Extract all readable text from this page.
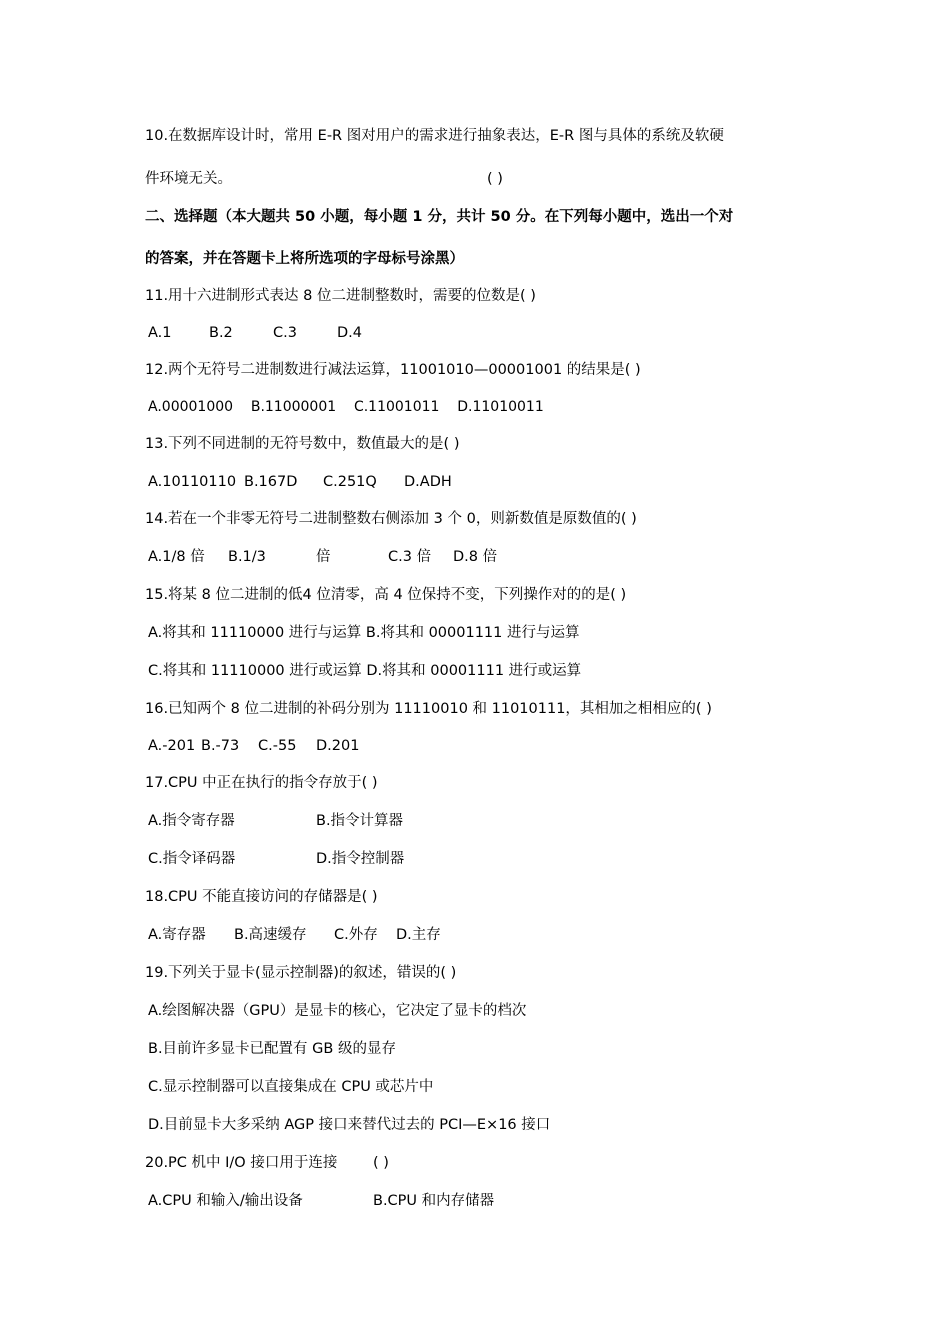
10.在数据库设计时，常用 E-R 图对用户的需求进行抽象表达，E-R 图与具体的系统及软硬
件环境无关。	( )
二、选择题（本大题共 50 小题，每小题 1 分，共计 50 分。在下列每小题中，选出一个对
的答案，并在答题卡上将所选项的字母标号涂黑）
11.用十六进制形式表达 8 位二进制整数时，需要的位数是( )
A.1	B.2	C.3	D.4
12.两个无符号二进制数进行减法运算，11001010—00001001 的结果是( )
A.00001000    B.11000001    C.11001011    D.11010011
13.下列不同进制的无符号数中，数值最大的是( )
A.10110110 B.167D C.251Q D.ADH
14.若在一个非零无符号二进制整数右侧添加 3 个 0，则新数值是原数值的( )
A.1/8 倍 B.1/3	倍	C.3 倍 D.8 倍
15.将某 8 位二进制的低4 位清零，高 4 位保持不变，下列操作对的的是( )
A.将其和 11110000 进行与运算 B.将其和 00001111 进行与运算
C.将其和 11110000 进行或运算 D.将其和 00001111 进行或运算
16.已知两个 8 位二进制的补码分别为 11110010 和 11010111，其相加之相相应的( )
A.-201 B.-73 C.-55 D.201
17.CPU 中正在执行的指令存放于( )
A.指令寄存器	B.指令计算器
C.指令译码器	D.指令控制器
18.CPU 不能直接访问的存储器是( )
A.寄存器 B.高速缓存 C.外存 D.主存
19.下列关于显卡(显示控制器)的叙述，错误的( )
A.绘图解决器（GPU）是显卡的核心，它决定了显卡的档次
B.目前许多显卡已配置有 GB 级的显存
C.显示控制器可以直接集成在 CPU 或芯片中
D.目前显卡大多采纳 AGP 接口来替代过去的 PCI—E×16 接口
20.PC 机中 I/O 接口用于连接 ( )
A.CPU 和输入/输出设备	B.CPU 和内存储器
